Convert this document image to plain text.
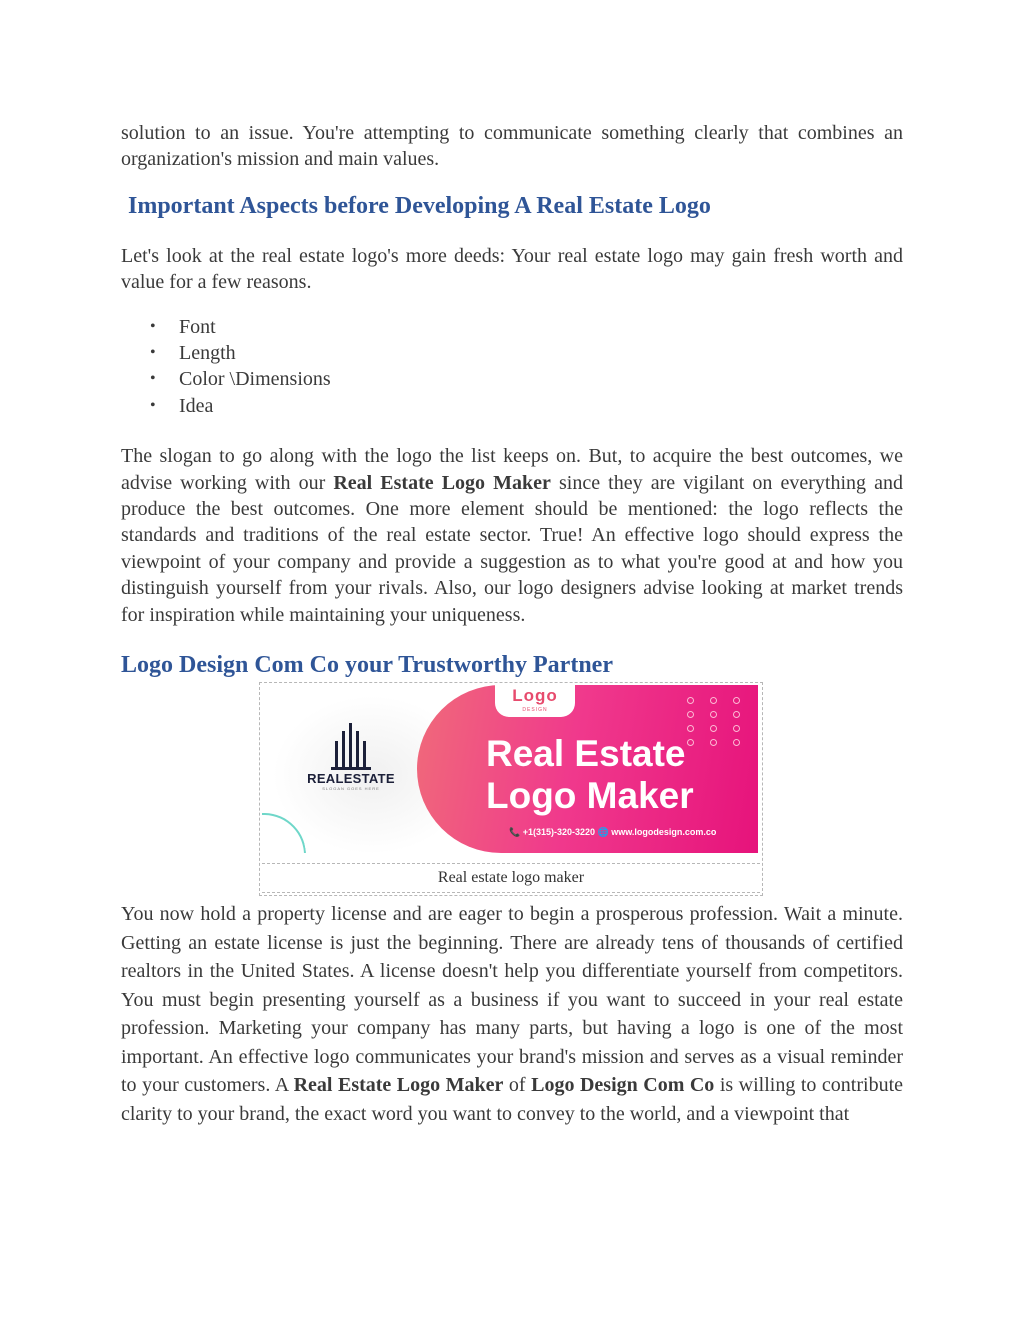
solution to an issue. You're attempting to communicate something clearly that combines an organization's mission and main values.

Important Aspects before Developing A Real Estate Logo

Let's look at the real estate logo's more deeds: Your real estate logo may gain fresh worth and value for a few reasons.

• Font
• Length
• Color \Dimensions
• Idea

The slogan to go along with the logo the list keeps on. But, to acquire the best outcomes, we advise working with our Real Estate Logo Maker since they are vigilant on everything and produce the best outcomes. One more element should be mentioned: the logo reflects the standards and traditions of the real estate sector. True! An effective logo should express the viewpoint of your company and provide a suggestion as to what you're good at and how you distinguish yourself from your rivals. Also, our logo designers advise looking at market trends for inspiration while maintaining your uniqueness.

Logo Design Com Co your Trustworthy Partner
REALESTATE
SLOGAN GOES HERE
Logo
DESIGN
Real Estate
Logo Maker
📞 +1(315)-320-3220 🌐 www.logodesign.com.co
Real estate logo maker

You now hold a property license and are eager to begin a prosperous profession. Wait a minute. Getting an estate license is just the beginning. There are already tens of thousands of certified realtors in the United States. A license doesn't help you differentiate yourself from competitors. You must begin presenting yourself as a business if you want to succeed in your real estate profession. Marketing your company has many parts, but having a logo is one of the most important. An effective logo communicates your brand's mission and serves as a visual reminder to your customers. A Real Estate Logo Maker of Logo Design Com Co is willing to contribute clarity to your brand, the exact word you want to convey to the world, and a viewpoint that
